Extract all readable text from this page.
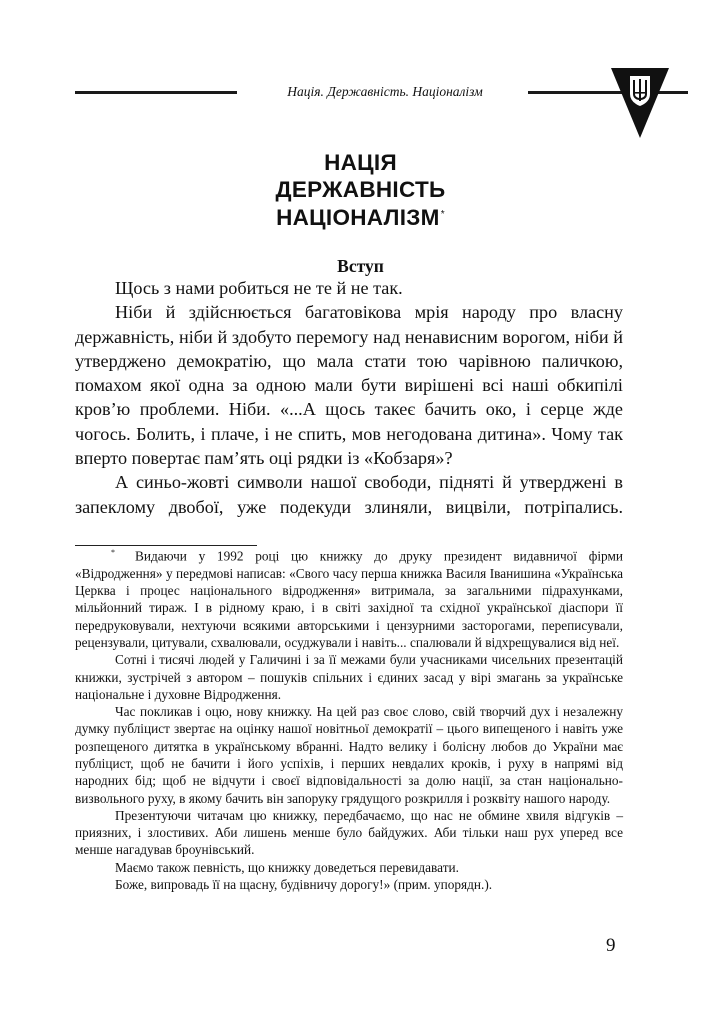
Нація. Державність. Націоналізм
НАЦІЯ
ДЕРЖАВНІСТЬ
НАЦІОНАЛІЗМ*
Вступ

Щось з нами робиться не те й не так.

Ніби й здійснюється багатовікова мрія народу про власну державність, ніби й здобуто перемогу над ненависним ворогом, ніби й утверджено демократію, що мала стати тою чарівною паличкою, помахом якої одна за одною мали бути вирішені всі наші обкипілі кров’ю проблеми. Ніби. «...А щось такеє бачить око, і серце жде чогось. Болить, і плаче, і не спить, мов негодована дитина». Чому так вперто повертає пам’ять оці рядки із «Кобзаря»?

А синьо-жовті символи нашої свободи, підняті й утверджені в запеклому двобої, уже подекуди злиняли, вицвіли, потріпались.

* Видаючи у 1992 році цю книжку до друку президент видавничої фірми «Відродження» у передмові написав: «Свого часу перша книжка Василя Іванишина «Українська Церква і процес національного відродження» витримала, за загальними підрахунками, мільйонний тираж. І в рідному краю, і в світі західної та східної української діаспори її передруковували, нехтуючи всякими авторськими і цензурними засторогами, переписували, рецензували, цитували, схвалювали, осуджували і навіть... спалювали й відхрещувалися від неї.

Сотні і тисячі людей у Галичині і за її межами були учасниками чисельних презентацій книжки, зустрічей з автором – пошуків спільних і єдиних засад у вірі змагань за українське національне і духовне Відродження.

Час покликав і оцю, нову книжку. На цей раз своє слово, свій творчий дух і незалежну думку публіцист звертає на оцінку нашої новітньої демократії – цього випещеного і навіть уже розпещеного дитятка в українському вбранні. Надто велику і болісну любов до України має публіцист, щоб не бачити і його успіхів, і перших невдалих кроків, і руху в напрямі від народних бід; щоб не відчути і своєї відповідальності за долю нації, за стан національно-визвольного руху, в якому бачить він запоруку грядущого розкрилля і розквіту нашого народу.

Презентуючи читачам цю книжку, передбачаємо, що нас не обмине хвиля відгуків – приязних, і злостивих. Аби лишень менше було байдужих. Аби тільки наш рух уперед все менше нагадував броунівський.

Маємо також певність, що книжку доведеться перевидавати.

Боже, випровадь її на щасну, будівничу дорогу!» (прим. упорядн.).

9
